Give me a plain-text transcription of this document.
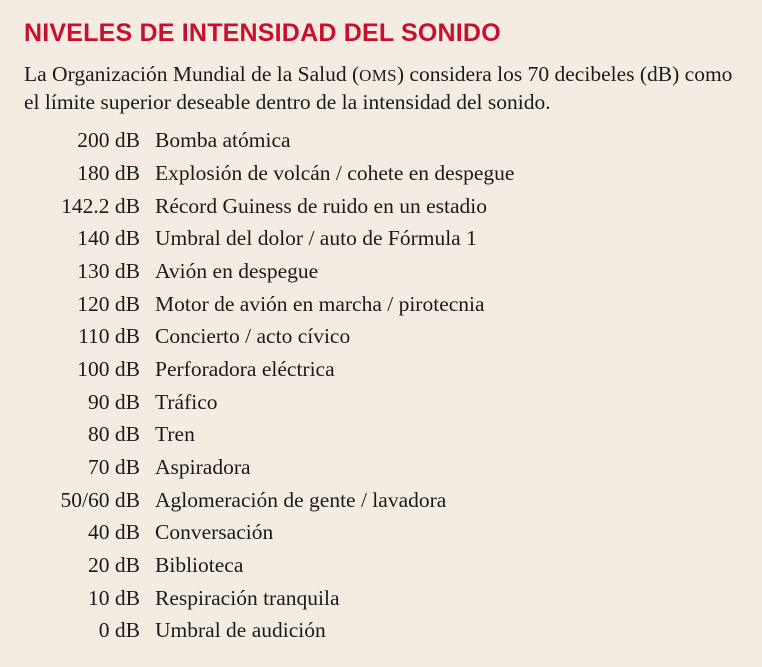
NIVELES DE INTENSIDAD DEL SONIDO

La Organización Mundial de la Salud (OMS) considera los 70 decibeles (dB) como el límite superior deseable dentro de la intensidad del sonido.

200 dB Bomba atómica
180 dB Explosión de volcán / cohete en despegue
142.2 dB Récord Guiness de ruido en un estadio
140 dB Umbral del dolor / auto de Fórmula 1
130 dB Avión en despegue
120 dB Motor de avión en marcha / pirotecnia
110 dB Concierto / acto cívico
100 dB Perforadora eléctrica
90 dB Tráfico
80 dB Tren
70 dB Aspiradora
50/60 dB Aglomeración de gente / lavadora
40 dB Conversación
20 dB Biblioteca
10 dB Respiración tranquila
0 dB Umbral de audición
